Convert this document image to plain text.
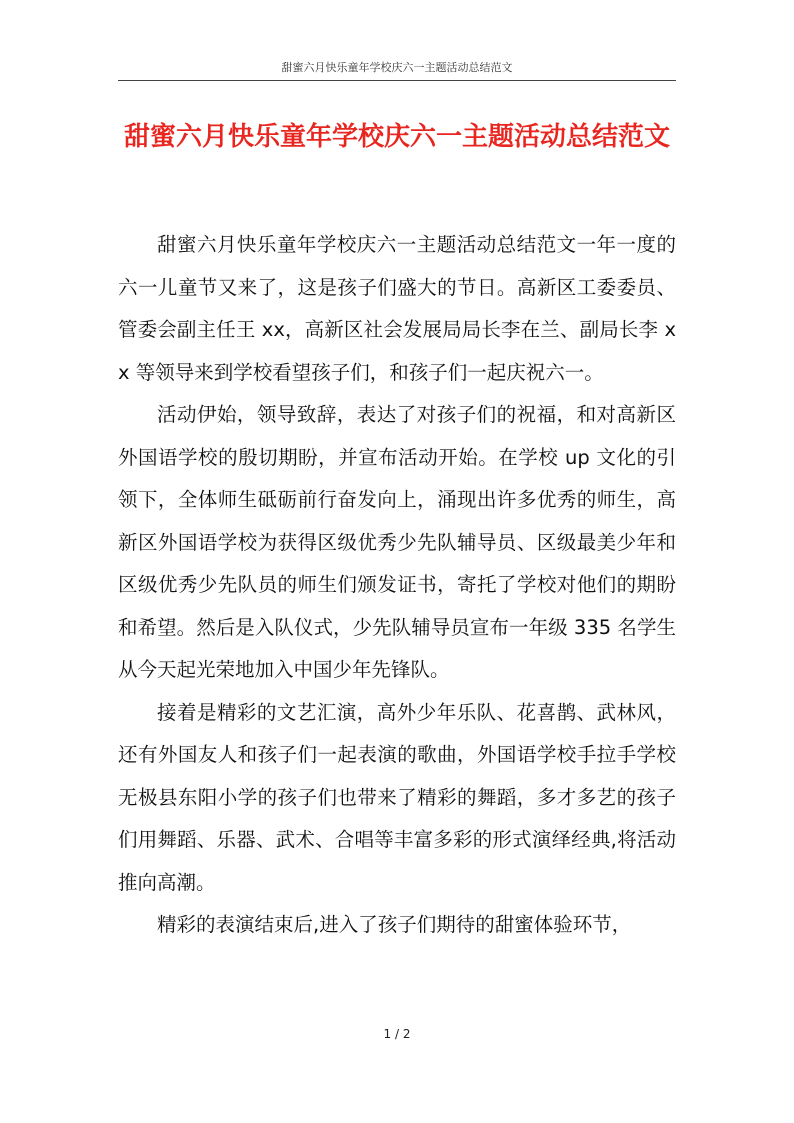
甜蜜六月快乐童年学校庆六一主题活动总结范文
甜蜜六月快乐童年学校庆六一主题活动总结范文

甜蜜六月快乐童年学校庆六一主题活动总结范文一年一度的六一儿童节又来了，这是孩子们盛大的节日。高新区工委委员、管委会副主任王 xx，高新区社会发展局局长李在兰、副局长李 xx 等领导来到学校看望孩子们，和孩子们一起庆祝六一。

活动伊始，领导致辞，表达了对孩子们的祝福，和对高新区外国语学校的殷切期盼，并宣布活动开始。在学校 up 文化的引领下，全体师生砥砺前行奋发向上，涌现出许多优秀的师生，高新区外国语学校为获得区级优秀少先队辅导员、区级最美少年和区级优秀少先队员的师生们颁发证书，寄托了学校对他们的期盼和希望。然后是入队仪式，少先队辅导员宣布一年级 335 名学生从今天起光荣地加入中国少年先锋队。

接着是精彩的文艺汇演，高外少年乐队、花喜鹊、武林风，还有外国友人和孩子们一起表演的歌曲，外国语学校手拉手学校无极县东阳小学的孩子们也带来了精彩的舞蹈，多才多艺的孩子们用舞蹈、乐器、武术、合唱等丰富多彩的形式演绎经典,将活动推向高潮。

精彩的表演结束后,进入了孩子们期待的甜蜜体验环节，

1 / 2
